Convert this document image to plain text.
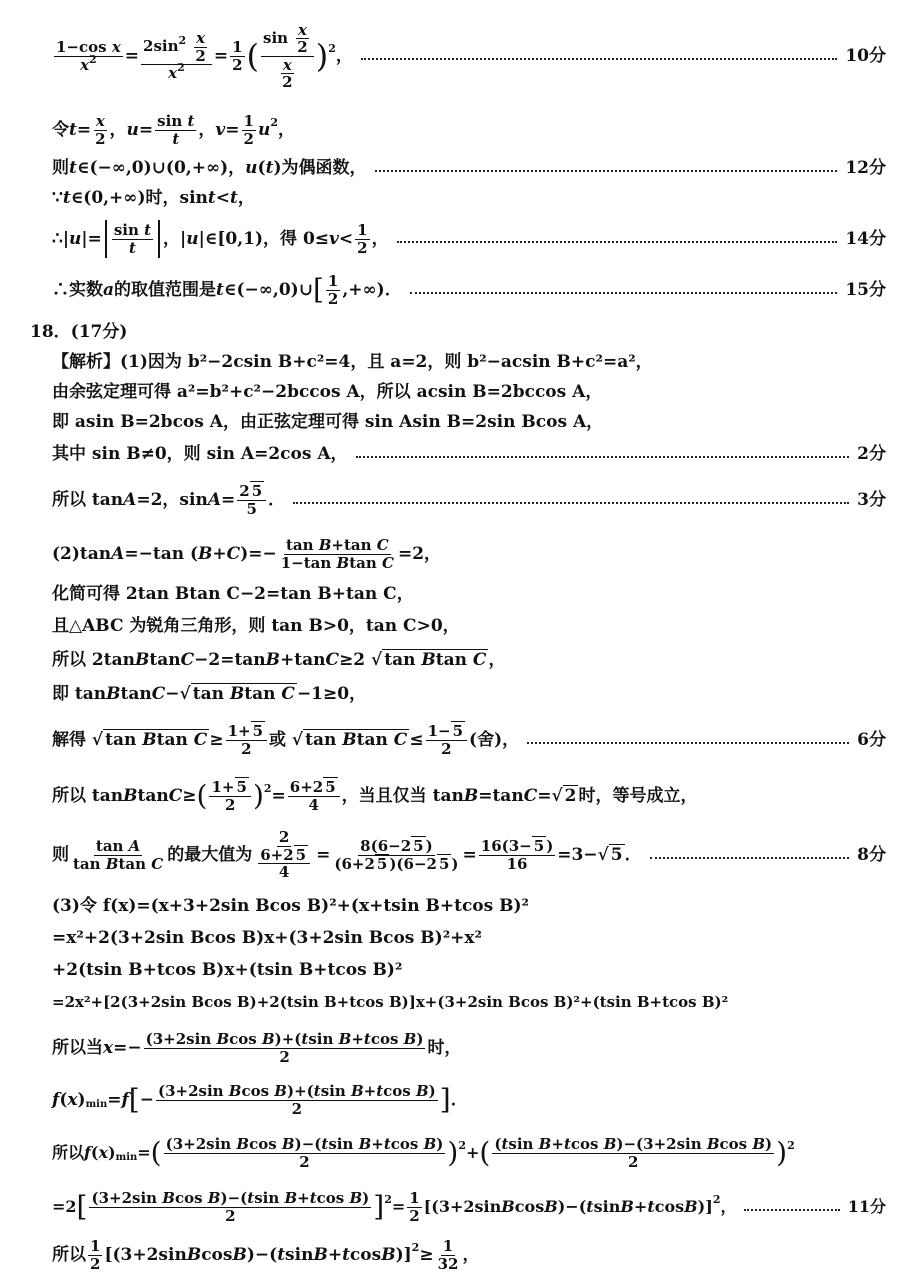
$\frac{\text{1−cos x}}{x^2} = \frac{2\sin^2 \frac{x}{2}}{x^2} = \frac{1}{2}$ ( $\frac{\sin \frac{x}{2}}{\frac{x}{2}}$ ) 2 ，	10分
令 $t = \frac{x}{2}$ ， $u = \frac{\text{sin t}}{t}$ ， $v = \frac{1}{2}$ u 2 ，
则 t ∈(−∞,0)∪(0,+∞)， u ( t )为偶函数，	12分
∵ t ∈(0,+∞)时，sin t < t ，
∴| u |= $\frac{\text{sin t}}{t}$ ，| u |∈[0,1)，得 $0\le v < \frac{1}{2}$ ，	14分
∴实数 a 的取值范围是 t ∈(−∞,0)∪ [ $\frac{1}{2}$ ,+∞)．	15分
18．(17分)
【解析】(1)因为 b²−2csin B+c²=4，且 a=2，则 b²−acsin B+c²=a²，
由余弦定理可得 a²=b²+c²−2bccos A，所以 acsin B=2bccos A，
即 asin B=2bcos A，由正弦定理可得 sin Asin B=2sin Bcos A，
其中 sin B≠0，则 sin A=2cos A，	2分
所以 tan A =2，$\sin A = \frac{2 5}{5}$ ．	3分
(2)tan A =−tan ( B + C )=− $\frac{\text{tan B+tan C}}{\text{1−tan Btan C}} =2$，
化简可得 2tan Btan C−2=tan B+tan C，
且△ABC 为锐角三角形，则 tan B>0，tan C>0，
所以 2tan B tan C −2=tan B +tan C ≥2 √ tan Btan C ，
即 tan B tan C −√ tan Btan C −1≥0，
解得 √ tan Btan $C \ge \frac{1+ 5}{2}$ 或 √ tan Btan $C \le \frac{1- 5}{2}$ (舍)，	6分
所以 tan B tan C ≥ ( $\frac{1+ 5}{2}$ ) $2 = \frac{6+2 5}{4}$ ，当且仅当 tan B =tan C =√ 2 时，等号成立，
则 $\frac{\text{tan A}}{\text{tan Btan C}}$ 的最大值为 $\frac{2}{\frac{6+2 5}{4}} = \frac{8(6-2 5 )}{(6+2 5 )(6-2 5 )} = \frac{16(3- 5 )}{16} =3-√$ 5 ．	8分
(3)令 f(x)=(x+3+2sin Bcos B)²+(x+tsin B+tcos B)²
=x²+2(3+2sin Bcos B)x+(3+2sin Bcos B)²+x²
+2(tsin B+tcos B)x+(tsin B+tcos B)²
=2x²+[2(3+2sin Bcos B)+2(tsin B+tcos B)]x+(3+2sin Bcos B)²+(tsin B+tcos B)²
所以当 $x =- \frac{\text{(3+2sin Bcos B)+(tsin B+tcos B)}}{2}$ 时，
f ( x ) min = f [ − $\frac{\text{(3+2sin Bcos B)+(tsin B+tcos B)}}{2}$ ] ．
所以 f ( x ) min = ( $\frac{\text{(3+2sin Bcos B)−(tsin B+tcos B)}}{2}$ ) 2 + ( $\frac{\text{(tsin B+tcos B)−(3+2sin Bcos B)}}{2}$ ) 2
=2 [ $\frac{\text{(3+2sin Bcos B)−(tsin B+tcos B)}}{2}$ ] $2 = \frac{1}{2} [(3+2\sin$ B cos B )−( t sin B + t cos B )] 2 ，	11分
所以 $\frac{1}{2} [(3+2\sin$ B cos B )−( t sin B + t cos B )] $2 \ge \frac{1}{32}$ ，
